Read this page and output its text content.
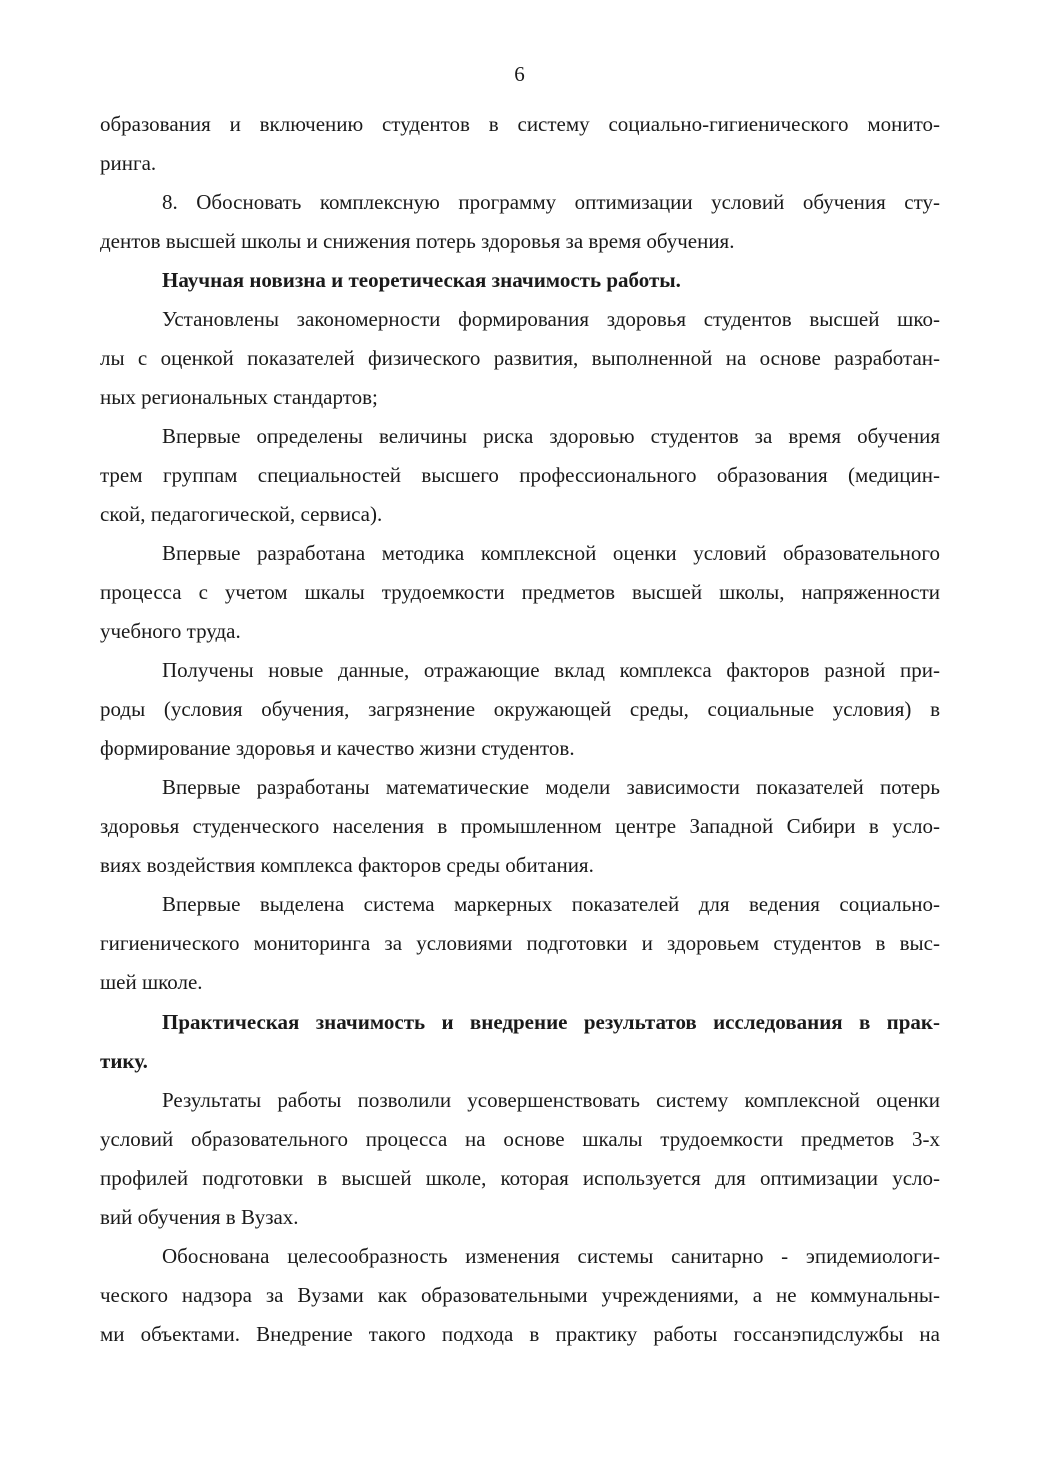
6
образования и включению студентов в систему социально-гигиенического монито-
ринга.
8. Обосновать комплексную программу оптимизации условий обучения сту-
дентов высшей школы и снижения потерь здоровья за время обучения.
Научная новизна и теоретическая значимость работы.
Установлены закономерности формирования здоровья студентов высшей шко-
лы с оценкой показателей физического развития, выполненной на основе разработан-
ных региональных стандартов;
Впервые определены величины риска здоровью студентов за время обучения
трем группам специальностей высшего профессионального образования (медицин-
ской, педагогической, сервиса).
Впервые разработана методика комплексной оценки условий образовательного
процесса с учетом шкалы трудоемкости предметов высшей школы, напряженности
учебного труда.
Получены новые данные, отражающие вклад комплекса факторов разной при-
роды (условия обучения, загрязнение окружающей среды, социальные условия) в
формирование здоровья и качество жизни студентов.
Впервые разработаны математические модели зависимости показателей потерь
здоровья студенческого населения в промышленном центре Западной Сибири в усло-
виях воздействия комплекса факторов среды обитания.
Впервые выделена система маркерных показателей для ведения социально-
гигиенического мониторинга за условиями подготовки и здоровьем студентов в выс-
шей школе.
Практическая значимость и внедрение результатов исследования в прак-
тику.
Результаты работы позволили усовершенствовать систему комплексной оценки
условий образовательного процесса на основе шкалы трудоемкости предметов 3-х
профилей подготовки в высшей школе, которая используется для оптимизации усло-
вий обучения в Вузах.
Обоснована целесообразность изменения системы санитарно - эпидемиологи-
ческого надзора за Вузами как образовательными учреждениями, а не коммунальны-
ми объектами. Внедрение такого подхода в практику работы госсанэпидслужбы на
